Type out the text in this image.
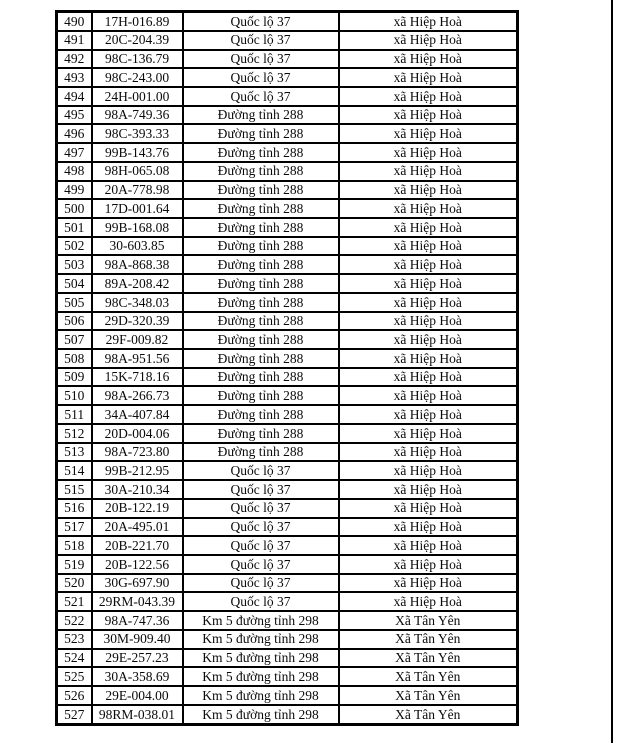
490	17H-016.89	Quốc lộ 37	xã Hiệp Hoà
491	20C-204.39	Quốc lộ 37	xã Hiệp Hoà
492	98C-136.79	Quốc lộ 37	xã Hiệp Hoà
493	98C-243.00	Quốc lộ 37	xã Hiệp Hoà
494	24H-001.00	Quốc lộ 37	xã Hiệp Hoà
495	98A-749.36	Đường tỉnh 288	xã Hiệp Hoà
496	98C-393.33	Đường tỉnh 288	xã Hiệp Hoà
497	99B-143.76	Đường tỉnh 288	xã Hiệp Hoà
498	98H-065.08	Đường tỉnh 288	xã Hiệp Hoà
499	20A-778.98	Đường tỉnh 288	xã Hiệp Hoà
500	17D-001.64	Đường tỉnh 288	xã Hiệp Hoà
501	99B-168.08	Đường tỉnh 288	xã Hiệp Hoà
502	30-603.85	Đường tỉnh 288	xã Hiệp Hoà
503	98A-868.38	Đường tỉnh 288	xã Hiệp Hoà
504	89A-208.42	Đường tỉnh 288	xã Hiệp Hoà
505	98C-348.03	Đường tỉnh 288	xã Hiệp Hoà
506	29D-320.39	Đường tỉnh 288	xã Hiệp Hoà
507	29F-009.82	Đường tỉnh 288	xã Hiệp Hoà
508	98A-951.56	Đường tỉnh 288	xã Hiệp Hoà
509	15K-718.16	Đường tỉnh 288	xã Hiệp Hoà
510	98A-266.73	Đường tỉnh 288	xã Hiệp Hoà
511	34A-407.84	Đường tỉnh 288	xã Hiệp Hoà
512	20D-004.06	Đường tỉnh 288	xã Hiệp Hoà
513	98A-723.80	Đường tỉnh 288	xã Hiệp Hoà
514	99B-212.95	Quốc lộ 37	xã Hiệp Hoà
515	30A-210.34	Quốc lộ 37	xã Hiệp Hoà
516	20B-122.19	Quốc lộ 37	xã Hiệp Hoà
517	20A-495.01	Quốc lộ 37	xã Hiệp Hoà
518	20B-221.70	Quốc lộ 37	xã Hiệp Hoà
519	20B-122.56	Quốc lộ 37	xã Hiệp Hoà
520	30G-697.90	Quốc lộ 37	xã Hiệp Hoà
521	29RM-043.39	Quốc lộ 37	xã Hiệp Hoà
522	98A-747.36	Km 5 đường tỉnh 298	Xã Tân Yên
523	30M-909.40	Km 5 đường tỉnh 298	Xã Tân Yên
524	29E-257.23	Km 5 đường tỉnh 298	Xã Tân Yên
525	30A-358.69	Km 5 đường tỉnh 298	Xã Tân Yên
526	29E-004.00	Km 5 đường tỉnh 298	Xã Tân Yên
527	98RM-038.01	Km 5 đường tỉnh 298	Xã Tân Yên
